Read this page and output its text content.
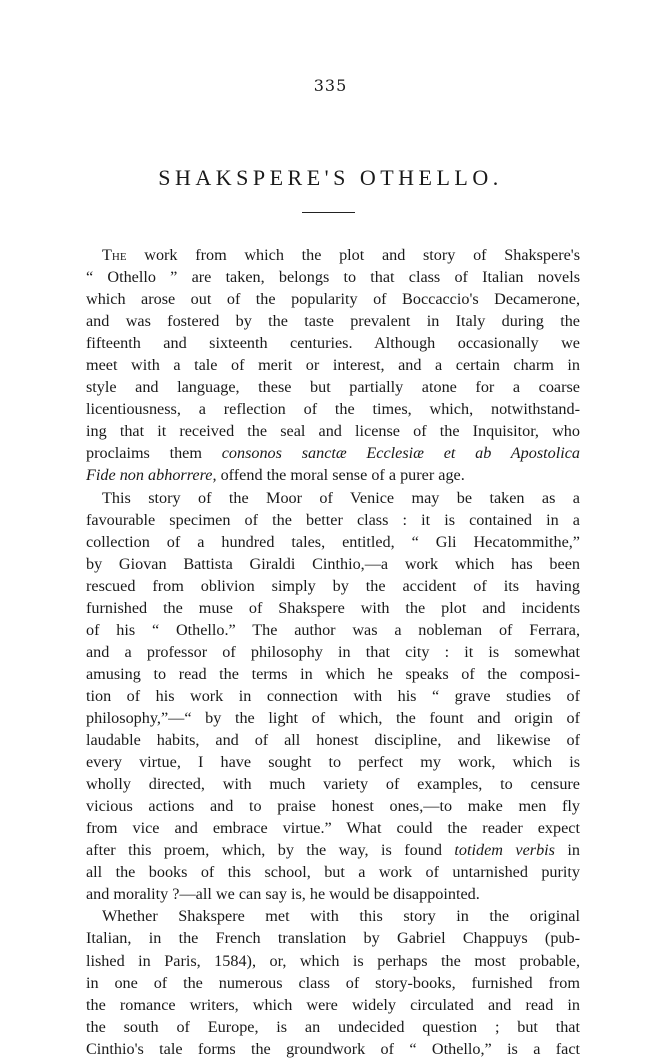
335
SHAKSPERE'S OTHELLO.
The work from which the plot and story of Shakspere's
“ Othello ” are taken, belongs to that class of Italian novels
which arose out of the popularity of Boccaccio's Decamerone,
and was fostered by the taste prevalent in Italy during the
fifteenth and sixteenth centuries. Although occasionally we
meet with a tale of merit or interest, and a certain charm in
style and language, these but partially atone for a coarse
licentiousness, a reflection of the times, which, notwithstand-
ing that it received the seal and license of the Inquisitor, who
proclaims them consonos sanctæ Ecclesiæ et ab Apostolica
Fide non abhorrere, offend the moral sense of a purer age.
This story of the Moor of Venice may be taken as a
favourable specimen of the better class : it is contained in a
collection of a hundred tales, entitled, “ Gli Hecatommithe,”
by Giovan Battista Giraldi Cinthio,—a work which has been
rescued from oblivion simply by the accident of its having
furnished the muse of Shakspere with the plot and incidents
of his “ Othello.” The author was a nobleman of Ferrara,
and a professor of philosophy in that city : it is somewhat
amusing to read the terms in which he speaks of the composi-
tion of his work in connection with his “ grave studies of
philosophy,”—“ by the light of which, the fount and origin of
laudable habits, and of all honest discipline, and likewise of
every virtue, I have sought to perfect my work, which is
wholly directed, with much variety of examples, to censure
vicious actions and to praise honest ones,—to make men fly
from vice and embrace virtue.” What could the reader expect
after this proem, which, by the way, is found totidem verbis in
all the books of this school, but a work of untarnished purity
and morality ?—all we can say is, he would be disappointed.
Whether Shakspere met with this story in the original
Italian, in the French translation by Gabriel Chappuys (pub-
lished in Paris, 1584), or, which is perhaps the most probable,
in one of the numerous class of story-books, furnished from
the romance writers, which were widely circulated and read in
the south of Europe, is an undecided question ; but that
Cinthio's tale forms the groundwork of “ Othello,” is a fact
